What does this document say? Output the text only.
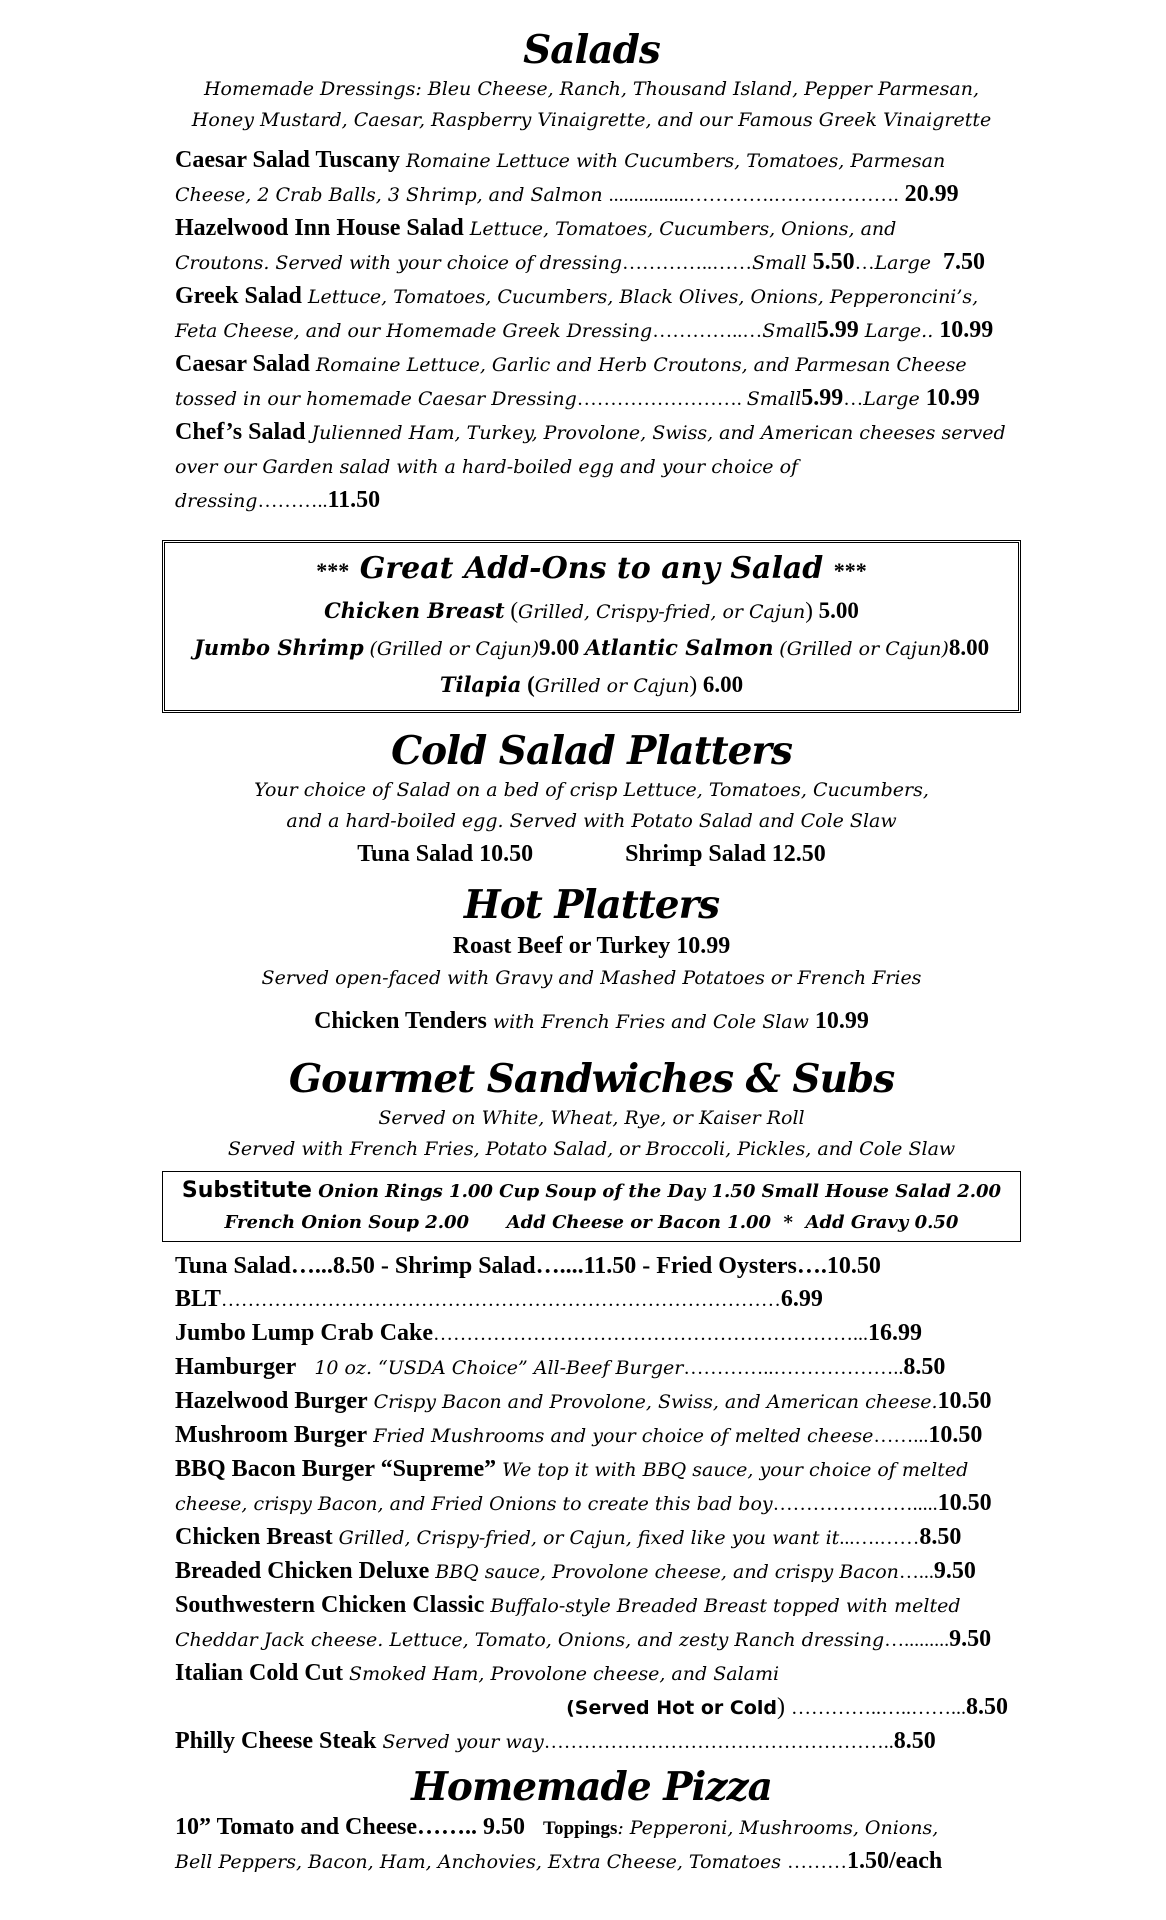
Salads
Homemade Dressings: Bleu Cheese, Ranch, Thousand Island, Pepper Parmesan,
Honey Mustard, Caesar, Raspberry Vinaigrette, and our Famous Greek Vinaigrette
Caesar Salad Tuscany Romaine Lettuce with Cucumbers, Tomatoes, Parmesan
Cheese, 2 Crab Balls, 3 Shrimp, and Salmon ................………….………………. 20.99
Hazelwood Inn House Salad Lettuce, Tomatoes, Cucumbers, Onions, and
Croutons. Served with your choice of dressing…………..……Small 5.50…Large 7.50
Greek Salad Lettuce, Tomatoes, Cucumbers, Black Olives, Onions, Pepperoncini’s,
Feta Cheese, and our Homemade Greek Dressing…………..…Small5.99 Large.. 10.99
Caesar Salad Romaine Lettuce, Garlic and Herb Croutons, and Parmesan Cheese
tossed in our homemade Caesar Dressing……………………. Small5.99…Large 10.99
Chef’s Salad Julienned Ham, Turkey, Provolone, Swiss, and American cheeses served
over our Garden salad with a hard-boiled egg and your choice of dressing………..11.50
*** Great Add-Ons to any Salad ***
Chicken Breast (Grilled, Crispy-fried, or Cajun) 5.00
Jumbo Shrimp (Grilled or Cajun)9.00 Atlantic Salmon (Grilled or Cajun)8.00
Tilapia (Grilled or Cajun) 6.00
Cold Salad Platters
Your choice of Salad on a bed of crisp Lettuce, Tomatoes, Cucumbers,
and a hard-boiled egg. Served with Potato Salad and Cole Slaw
Tuna Salad 10.50	Shrimp Salad 12.50
Hot Platters
Roast Beef or Turkey 10.99
Served open-faced with Gravy and Mashed Potatoes or French Fries
Chicken Tenders with French Fries and Cole Slaw 10.99
Gourmet Sandwiches & Subs
Served on White, Wheat, Rye, or Kaiser Roll
Served with French Fries, Potato Salad, or Broccoli, Pickles, and Cole Slaw
Substitute Onion Rings 1.00 Cup Soup of the Day 1.50 Small House Salad 2.00
French Onion Soup 2.00      Add Cheese or Bacon 1.00  *  Add Gravy 0.50
Tuna Salad…...8.50 - Shrimp Salad…....11.50 - Fried Oysters….10.50
BLT…………………………………………………………………………6.99
Jumbo Lump Crab Cake………………………………………………………...16.99
Hamburger 10 oz. “USDA Choice” All-Beef Burger…………..………………..8.50
Hazelwood Burger Crispy Bacon and Provolone, Swiss, and American cheese.10.50
Mushroom Burger Fried Mushrooms and your choice of melted cheese……...10.50
BBQ Bacon Burger “Supreme” We top it with BBQ sauce, your choice of melted
cheese, crispy Bacon, and Fried Onions to create this bad boy………………….....10.50
Chicken Breast Grilled, Crispy-fried, or Cajun, fixed like you want it...….……8.50
Breaded Chicken Deluxe BBQ sauce, Provolone cheese, and crispy Bacon…...9.50
Southwestern Chicken Classic Buffalo-style Breaded Breast topped with melted
Cheddar Jack cheese. Lettuce, Tomato, Onions, and zesty Ranch dressing….........9.50
Italian Cold Cut Smoked Ham, Provolone cheese, and Salami
(Served Hot or Cold) …………..…..……...8.50
Philly Cheese Steak Served your way……………………………………………..8.50
Homemade Pizza
10” Tomato and Cheese…….. 9.50 Toppings: Pepperoni, Mushrooms, Onions,
Bell Peppers, Bacon, Ham, Anchovies, Extra Cheese, Tomatoes ………1.50/each
